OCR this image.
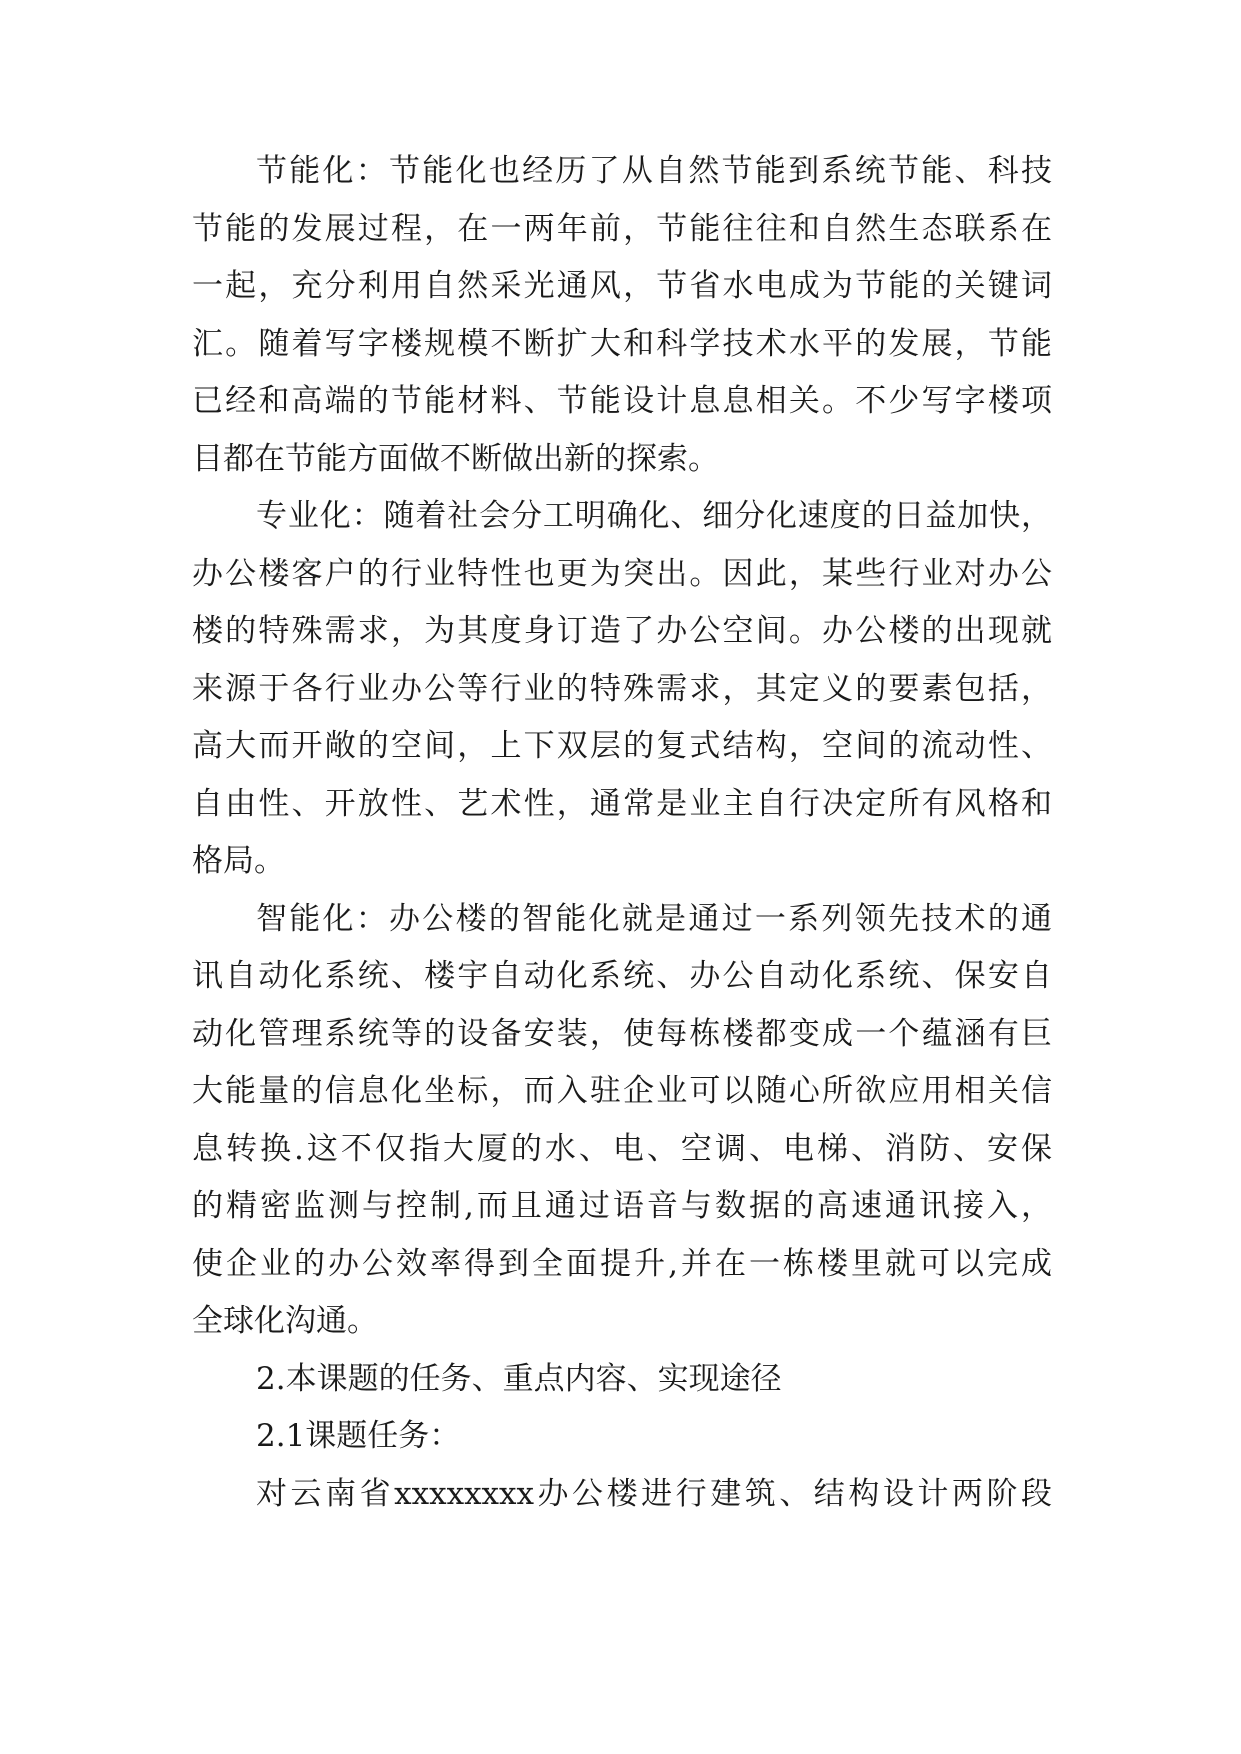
节能化：节能化也经历了从自然节能到系统节能、科技
节能的发展过程，在一两年前，节能往往和自然生态联系在
一起，充分利用自然采光通风，节省水电成为节能的关键词
汇。随着写字楼规模不断扩大和科学技术水平的发展，节能
已经和高端的节能材料、节能设计息息相关。不少写字楼项
目都在节能方面做不断做出新的探索。
专业化：随着社会分工明确化、细分化速度的日益加快，
办公楼客户的行业特性也更为突出。因此，某些行业对办公
楼的特殊需求，为其度身订造了办公空间。办公楼的出现就
来源于各行业办公等行业的特殊需求，其定义的要素包括，
高大而开敞的空间，上下双层的复式结构，空间的流动性、
自由性、开放性、艺术性，通常是业主自行决定所有风格和
格局。
智能化：办公楼的智能化就是通过一系列领先技术的通
讯自动化系统、楼宇自动化系统、办公自动化系统、保安自
动化管理系统等的设备安装，使每栋楼都变成一个蕴涵有巨
大能量的信息化坐标，而入驻企业可以随心所欲应用相关信
息转换.这不仅指大厦的水、电、空调、电梯、消防、安保
的精密监测与控制,而且通过语音与数据的高速通讯接入，
使企业的办公效率得到全面提升,并在一栋楼里就可以完成
全球化沟通。
2.本课题的任务、重点内容、实现途径
2.1课题任务：
对云南省xxxxxxxx办公楼进行建筑、结构设计两阶段
